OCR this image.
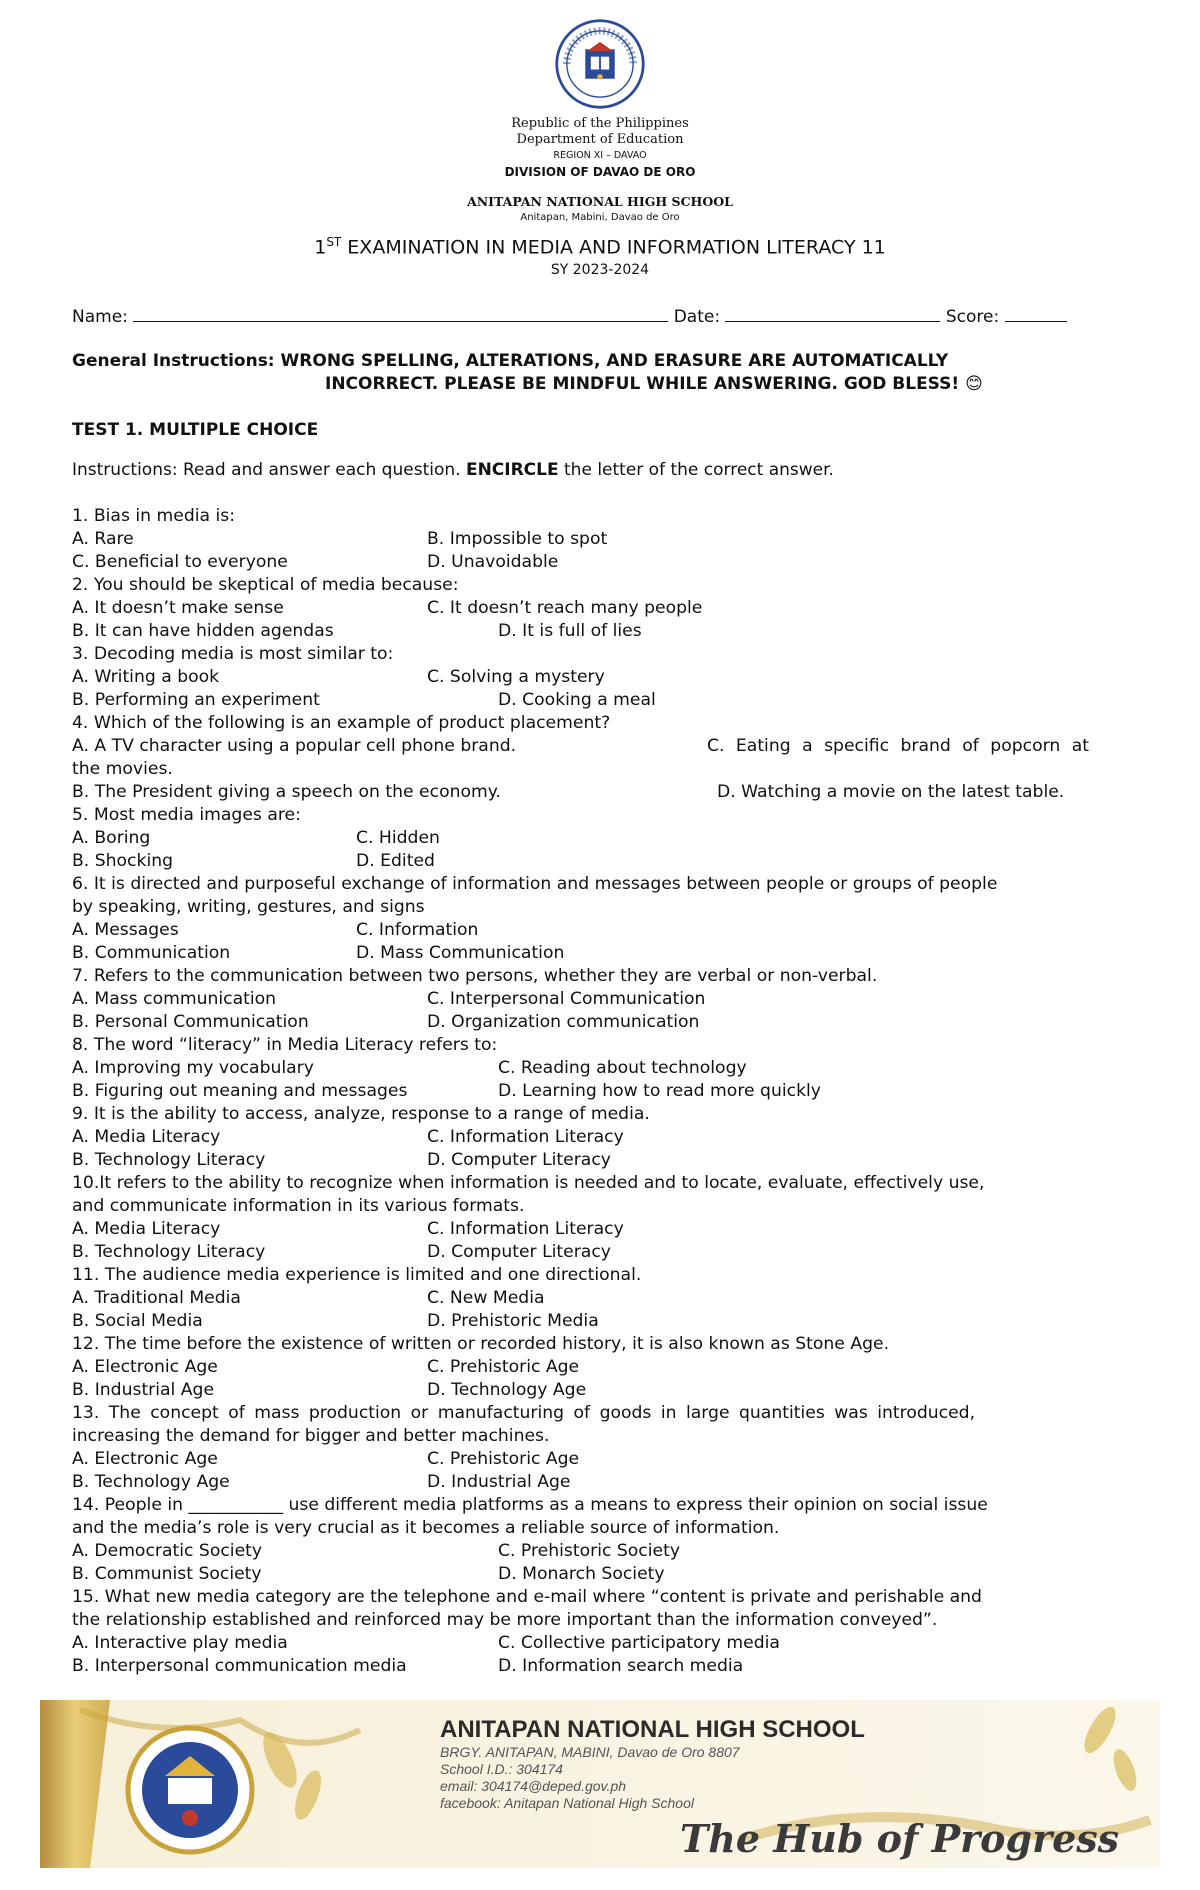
Republic of the Philippines
Department of Education
REGION XI – DAVAO
DIVISION OF DAVAO DE ORO
ANITAPAN NATIONAL HIGH SCHOOL
Anitapan, Mabini, Davao de Oro
1ST EXAMINATION IN MEDIA AND INFORMATION LITERACY 11
SY 2023-2024
Name:	Date:	Score:
General Instructions: WRONG SPELLING, ALTERATIONS, AND ERASURE ARE AUTOMATICALLY
INCORRECT. PLEASE BE MINDFUL WHILE ANSWERING. GOD BLESS! 😊
TEST 1. MULTIPLE CHOICE
Instructions: Read and answer each question. ENCIRCLE the letter of the correct answer.
1. Bias in media is:
A. Rare	B. Impossible to spot
C. Beneficial to everyone	D. Unavoidable
2. You should be skeptical of media because:
A. It doesn’t make sense	C. It doesn’t reach many people
B. It can have hidden agendas	D. It is full of lies
3. Decoding media is most similar to:
A. Writing a book	C. Solving a mystery
B. Performing an experiment	D. Cooking a meal
4. Which of the following is an example of product placement?
A. A TV character using a popular cell phone brand.	C. Eating a specific brand of popcorn at
the movies.
B. The President giving a speech on the economy.	D. Watching a movie on the latest table.
5. Most media images are:
A. Boring	C. Hidden
B. Shocking	D. Edited
6. It is directed and purposeful exchange of information and messages between people or groups of people
by speaking, writing, gestures, and signs
A. Messages	C. Information
B. Communication	D. Mass Communication
7. Refers to the communication between two persons, whether they are verbal or non-verbal.
A. Mass communication	C. Interpersonal Communication
B. Personal Communication	D. Organization communication
8. The word “literacy” in Media Literacy refers to:
A. Improving my vocabulary	C. Reading about technology
B. Figuring out meaning and messages	D. Learning how to read more quickly
9. It is the ability to access, analyze, response to a range of media.
A. Media Literacy	C. Information Literacy
B. Technology Literacy	D. Computer Literacy
10.It refers to the ability to recognize when information is needed and to locate, evaluate, effectively use,
and communicate information in its various formats.
A. Media Literacy	C. Information Literacy
B. Technology Literacy	D. Computer Literacy
11. The audience media experience is limited and one directional.
A. Traditional Media	C. New Media
B. Social Media	D. Prehistoric Media
12. The time before the existence of written or recorded history, it is also known as Stone Age.
A. Electronic Age	C. Prehistoric Age
B. Industrial Age	D. Technology Age
13. The concept of mass production or manufacturing of goods in large quantities was introduced,
increasing the demand for bigger and better machines.
A. Electronic Age	C. Prehistoric Age
B. Technology Age	D. Industrial Age
14. People in ___________ use different media platforms as a means to express their opinion on social issue
and the media’s role is very crucial as it becomes a reliable source of information.
A. Democratic Society	C. Prehistoric Society
B. Communist Society	D. Monarch Society
15. What new media category are the telephone and e-mail where “content is private and perishable and
the relationship established and reinforced may be more important than the information conveyed”.
A. Interactive play media	C. Collective participatory media
B. Interpersonal communication media	D. Information search media
ANITAPAN NATIONAL HIGH SCHOOL
BRGY. ANITAPAN, MABINI, Davao de Oro 8807
School I.D.: 304174
email: 304174@deped.gov.ph
facebook: Anitapan National High School
The Hub of Progress
